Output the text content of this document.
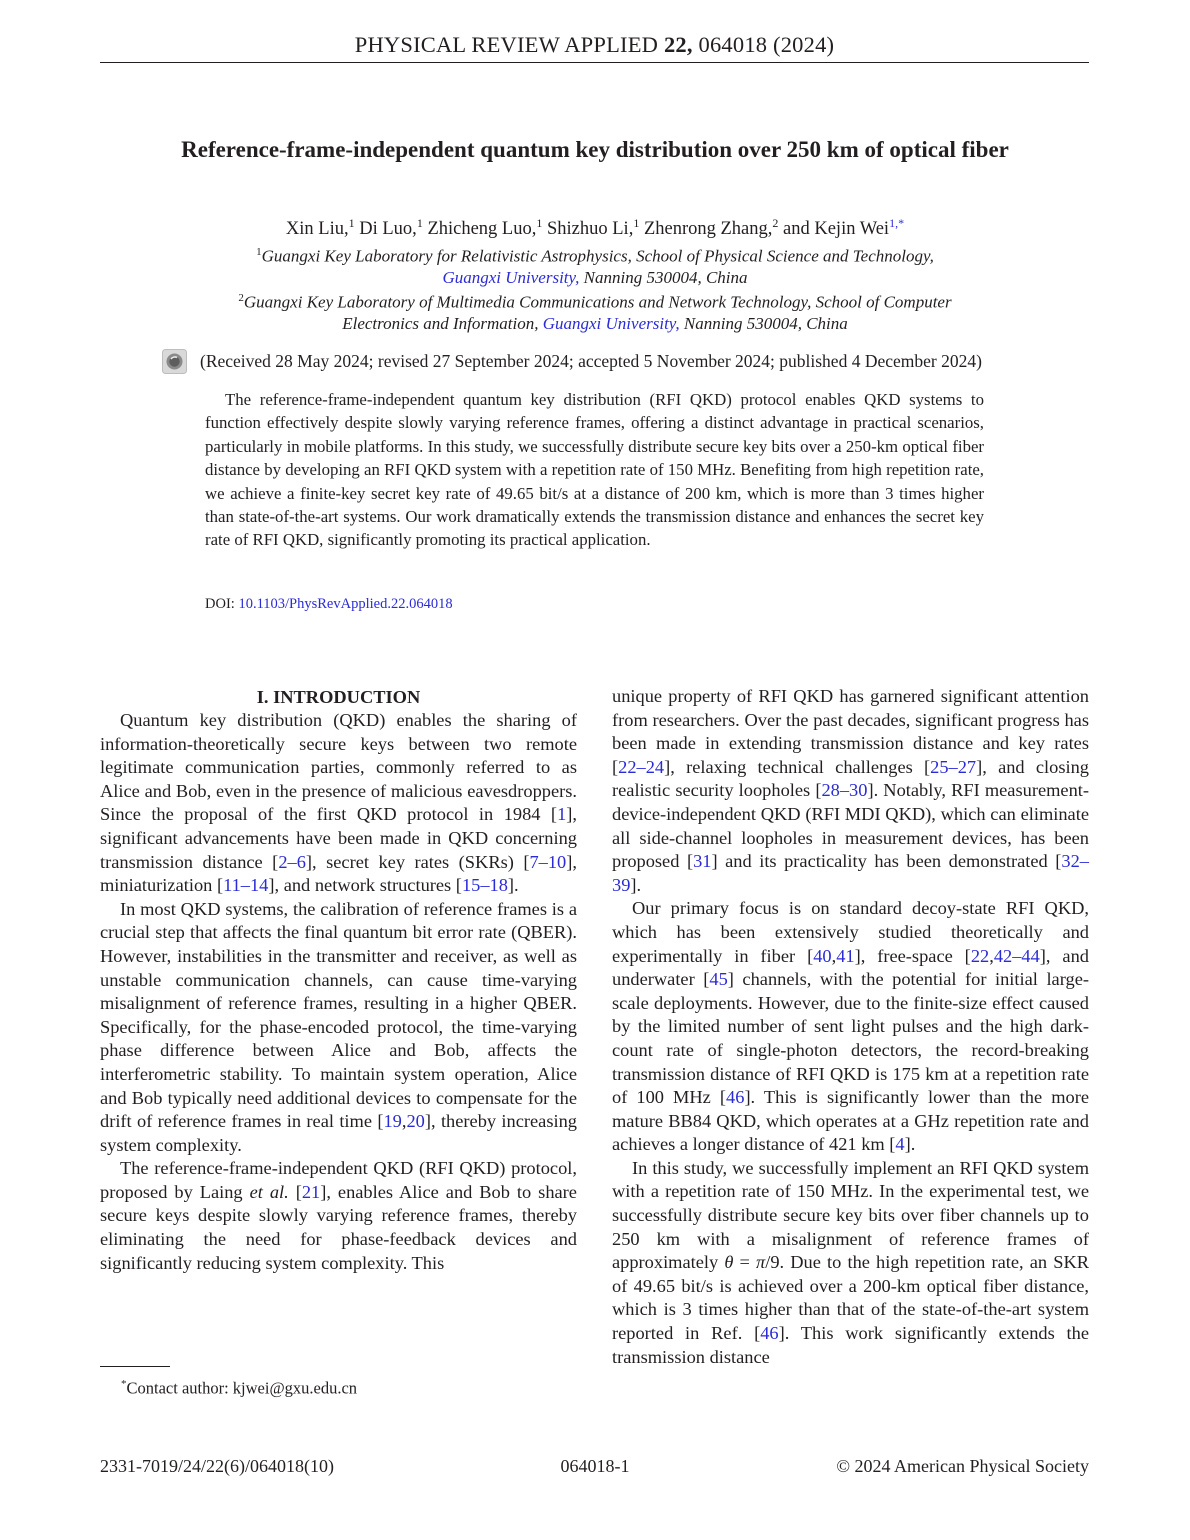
PHYSICAL REVIEW APPLIED 22, 064018 (2024)
Reference-frame-independent quantum key distribution over 250 km of optical fiber
Xin Liu,$^1$ Di Luo,$^1$ Zhicheng Luo,$^1$ Shizhuo Li,$^1$ Zhenrong Zhang,$^2$ and Kejin Wei$^{1,*}$
$^1$Guangxi Key Laboratory for Relativistic Astrophysics, School of Physical Science and Technology,
Guangxi University, Nanning 530004, China
$^2$Guangxi Key Laboratory of Multimedia Communications and Network Technology, School of Computer
Electronics and Information, Guangxi University, Nanning 530004, China
(Received 28 May 2024; revised 27 September 2024; accepted 5 November 2024; published 4 December 2024)
The reference-frame-independent quantum key distribution (RFI QKD) protocol enables QKD systems to function effectively despite slowly varying reference frames, offering a distinct advantage in practical scenarios, particularly in mobile platforms. In this study, we successfully distribute secure key bits over a 250-km optical fiber distance by developing an RFI QKD system with a repetition rate of 150 MHz. Benefiting from high repetition rate, we achieve a finite-key secret key rate of 49.65 bit/s at a distance of 200 km, which is more than 3 times higher than state-of-the-art systems. Our work dramatically extends the transmission distance and enhances the secret key rate of RFI QKD, significantly promoting its practical application.
DOI: 10.1103/PhysRevApplied.22.064018
I. INTRODUCTION

Quantum key distribution (QKD) enables the sharing of information-theoretically secure keys between two remote legitimate communication parties, commonly referred to as Alice and Bob, even in the presence of malicious eavesdroppers. Since the proposal of the first QKD protocol in 1984 [1], significant advancements have been made in QKD concerning transmission distance [2–6], secret key rates (SKRs) [7–10], miniaturization [11–14], and network structures [15–18].

In most QKD systems, the calibration of reference frames is a crucial step that affects the final quantum bit error rate (QBER). However, instabilities in the transmitter and receiver, as well as unstable communication channels, can cause time-varying misalignment of reference frames, resulting in a higher QBER. Specifically, for the phase-encoded protocol, the time-varying phase difference between Alice and Bob, affects the interferometric stability. To maintain system operation, Alice and Bob typically need additional devices to compensate for the drift of reference frames in real time [19,20], thereby increasing system complexity.

The reference-frame-independent QKD (RFI QKD) protocol, proposed by Laing et al. [21], enables Alice and Bob to share secure keys despite slowly varying reference frames, thereby eliminating the need for phase-feedback devices and significantly reducing system complexity. This

unique property of RFI QKD has garnered significant attention from researchers. Over the past decades, significant progress has been made in extending transmission distance and key rates [22–24], relaxing technical challenges [25–27], and closing realistic security loopholes [28–30]. Notably, RFI measurement-device-independent QKD (RFI MDI QKD), which can eliminate all side-channel loopholes in measurement devices, has been proposed [31] and its practicality has been demonstrated [32–39].

Our primary focus is on standard decoy-state RFI QKD, which has been extensively studied theoretically and experimentally in fiber [40,41], free-space [22,42–44], and underwater [45] channels, with the potential for initial large-scale deployments. However, due to the finite-size effect caused by the limited number of sent light pulses and the high dark-count rate of single-photon detectors, the record-breaking transmission distance of RFI QKD is 175 km at a repetition rate of 100 MHz [46]. This is significantly lower than the more mature BB84 QKD, which operates at a GHz repetition rate and achieves a longer distance of 421 km [4].

In this study, we successfully implement an RFI QKD system with a repetition rate of 150 MHz. In the experimental test, we successfully distribute secure key bits over fiber channels up to 250 km with a misalignment of reference frames of approximately θ = π/9. Due to the high repetition rate, an SKR of 49.65 bit/s is achieved over a 200-km optical fiber distance, which is 3 times higher than that of the state-of-the-art system reported in Ref. [46]. This work significantly extends the transmission distance

*Contact author: kjwei@gxu.edu.cn
2331-7019/24/22(6)/064018(10)	064018-1	© 2024 American Physical Society
